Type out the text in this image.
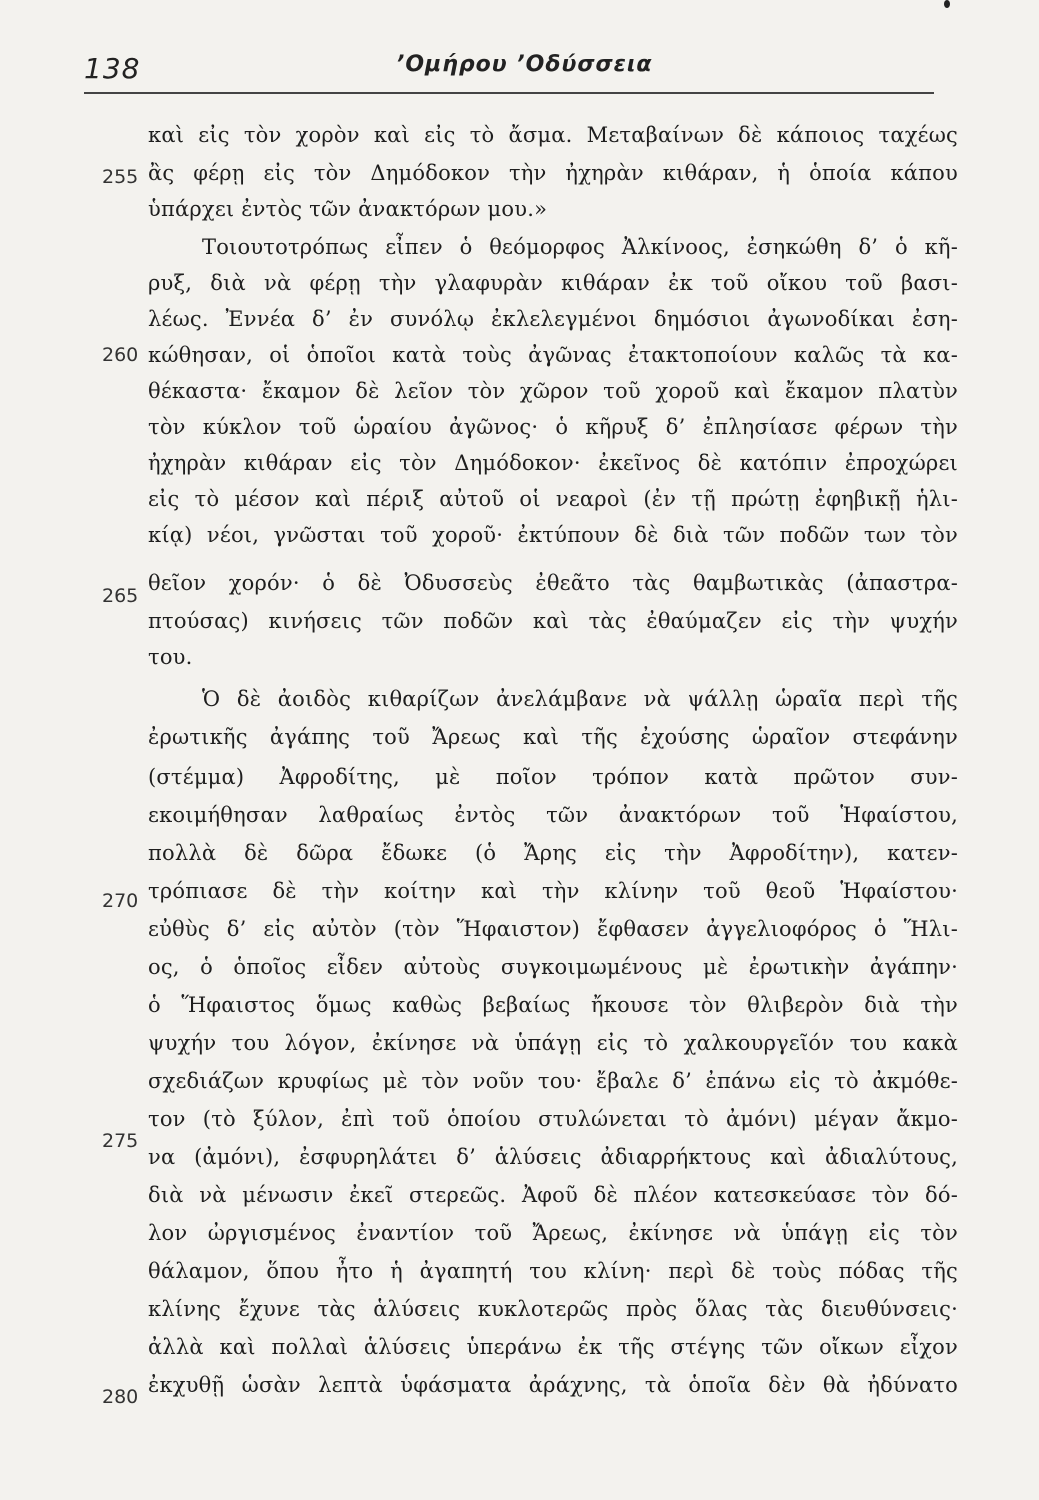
138	’Ομήρου ’Οδύσσεια
255
260
265
270
275
280
καὶ εἰς τὸν χορὸν καὶ εἰς τὸ ἄσμα. Μεταβαίνων δὲ κάποιος ταχέως
ἂς φέρῃ εἰς τὸν Δημόδοκον τὴν ἠχηρὰν κιθάραν, ἡ ὁποία κάπου
ὑπάρχει ἐντὸς τῶν ἀνακτόρων μου.»
Τοιουτοτρόπως εἶπεν ὁ θεόμορφος Ἀλκίνοος, ἐσηκώθη δ’ ὁ κῆ-
ρυξ, διὰ νὰ φέρῃ τὴν γλαφυρὰν κιθάραν ἐκ τοῦ οἴκου τοῦ βασι-
λέως. Ἐννέα δ’ ἐν συνόλῳ ἐκλελεγμένοι δημόσιοι ἀγωνοδίκαι ἐση-
κώθησαν, οἱ ὁποῖοι κατὰ τοὺς ἀγῶνας ἐτακτοποίουν καλῶς τὰ κα-
θέκαστα· ἔκαμον δὲ λεῖον τὸν χῶρον τοῦ χοροῦ καὶ ἔκαμον πλατὺν
τὸν κύκλον τοῦ ὡραίου ἀγῶνος· ὁ κῆρυξ δ’ ἐπλησίασε φέρων τὴν
ἠχηρὰν κιθάραν εἰς τὸν Δημόδοκον· ἐκεῖνος δὲ κατόπιν ἐπροχώρει
εἰς τὸ μέσον καὶ πέριξ αὐτοῦ οἱ νεαροὶ (ἐν τῇ πρώτῃ ἐφηβικῇ ἡλι-
κίᾳ) νέοι, γνῶσται τοῦ χοροῦ· ἐκτύπουν δὲ διὰ τῶν ποδῶν των τὸν
θεῖον χορόν· ὁ δὲ Ὀδυσσεὺς ἐθεᾶτο τὰς θαμβωτικὰς (ἀπαστρα-
πτούσας) κινήσεις τῶν ποδῶν καὶ τὰς ἐθαύμαζεν εἰς τὴν ψυχήν
του.
Ὁ δὲ ἀοιδὸς κιθαρίζων ἀνελάμβανε νὰ ψάλλῃ ὡραῖα περὶ τῆς
ἐρωτικῆς ἀγάπης τοῦ Ἄρεως καὶ τῆς ἐχούσης ὡραῖον στεφάνην
(στέμμα) Ἀφροδίτης, μὲ ποῖον τρόπον κατὰ πρῶτον συν-
εκοιμήθησαν λαθραίως ἐντὸς τῶν ἀνακτόρων τοῦ Ἡφαίστου,
πολλὰ δὲ δῶρα ἔδωκε (ὁ Ἄρης εἰς τὴν Ἀφροδίτην), κατεν-
τρόπιασε δὲ τὴν κοίτην καὶ τὴν κλίνην τοῦ θεοῦ Ἡφαίστου·
εὐθὺς δ’ εἰς αὐτὸν (τὸν Ἥφαιστον) ἔφθασεν ἀγγελιοφόρος ὁ Ἥλι-
ος, ὁ ὁποῖος εἶδεν αὐτοὺς συγκοιμωμένους μὲ ἐρωτικὴν ἀγάπην·
ὁ Ἥφαιστος ὅμως καθὼς βεβαίως ἤκουσε τὸν θλιβερὸν διὰ τὴν
ψυχήν του λόγον, ἐκίνησε νὰ ὑπάγῃ εἰς τὸ χαλκουργεῖόν του κακὰ
σχεδιάζων κρυφίως μὲ τὸν νοῦν του· ἔβαλε δ’ ἐπάνω εἰς τὸ ἀκμόθε-
τον (τὸ ξύλον, ἐπὶ τοῦ ὁποίου στυλώνεται τὸ ἀμόνι) μέγαν ἄκμο-
να (ἀμόνι), ἐσφυρηλάτει δ’ ἁλύσεις ἀδιαρρήκτους καὶ ἀδιαλύτους,
διὰ νὰ μένωσιν ἐκεῖ στερεῶς. Ἀφοῦ δὲ πλέον κατεσκεύασε τὸν δό-
λον ὠργισμένος ἐναντίον τοῦ Ἄρεως, ἐκίνησε νὰ ὑπάγῃ εἰς τὸν
θάλαμον, ὅπου ἦτο ἡ ἀγαπητή του κλίνη· περὶ δὲ τοὺς πόδας τῆς
κλίνης ἔχυνε τὰς ἁλύσεις κυκλοτερῶς πρὸς ὅλας τὰς διευθύνσεις·
ἀλλὰ καὶ πολλαὶ ἁλύσεις ὑπεράνω ἐκ τῆς στέγης τῶν οἴκων εἶχον
ἐκχυθῇ ὡσὰν λεπτὰ ὑφάσματα ἀράχνης, τὰ ὁποῖα δὲν θὰ ἠδύνατο
